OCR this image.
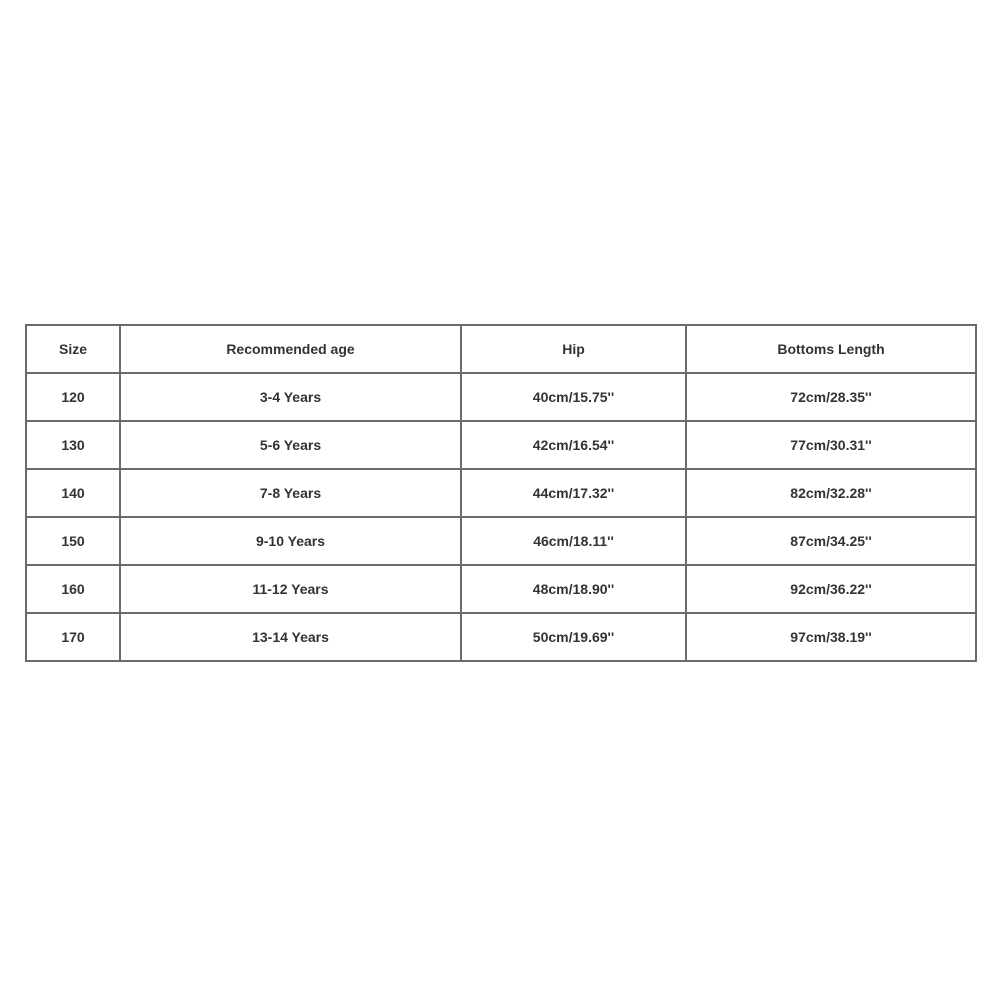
Size	Recommended age	Hip	Bottoms Length
120	3-4 Years	40cm/15.75''	72cm/28.35''
130	5-6 Years	42cm/16.54''	77cm/30.31''
140	7-8 Years	44cm/17.32''	82cm/32.28''
150	9-10 Years	46cm/18.11''	87cm/34.25''
160	11-12 Years	48cm/18.90''	92cm/36.22''
170	13-14 Years	50cm/19.69''	97cm/38.19''
